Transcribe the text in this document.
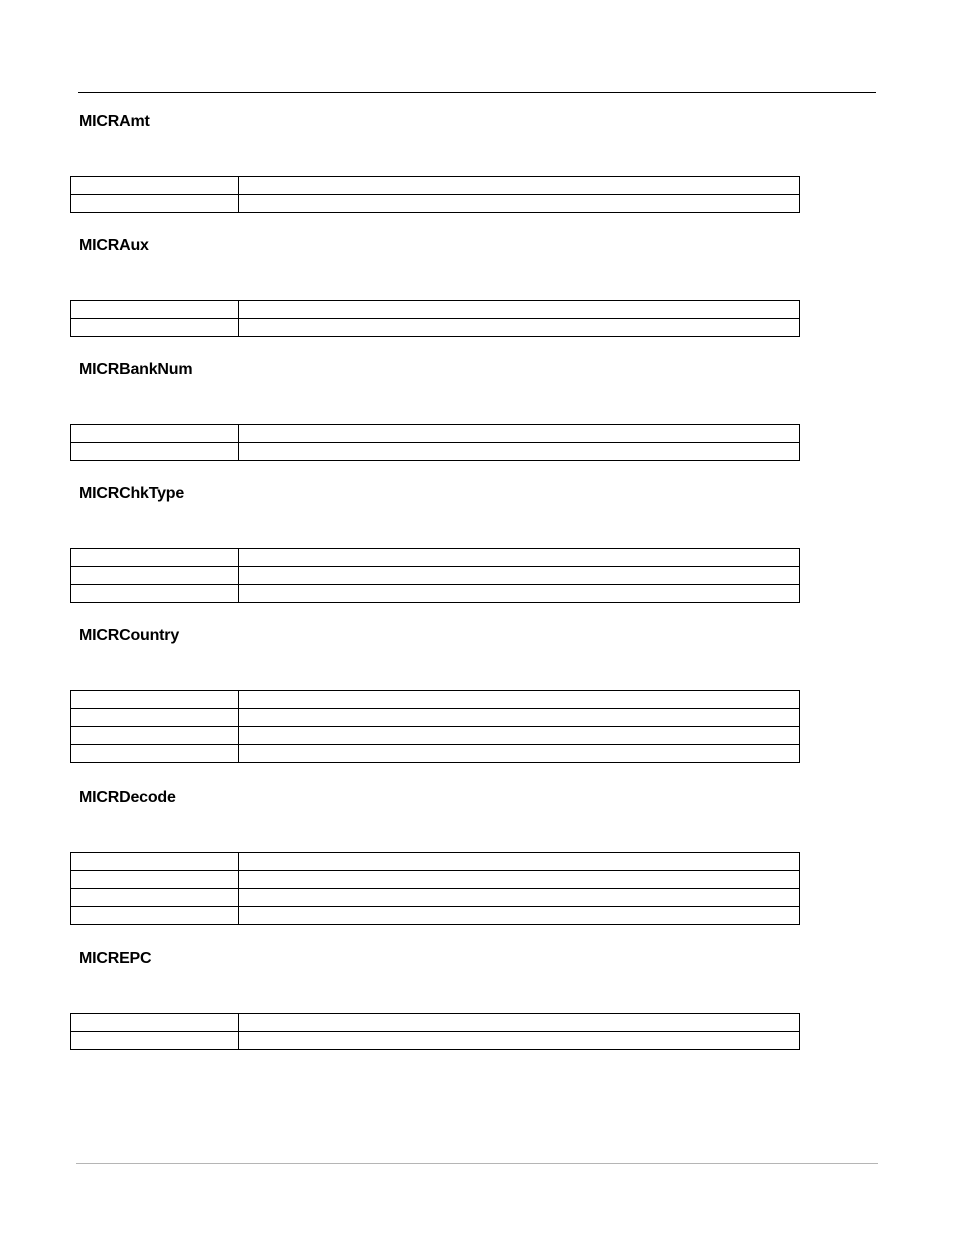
MICRAmt

MICRAux

MICRBankNum

MICRChkType

MICRCountry

MICRDecode

MICREPC
